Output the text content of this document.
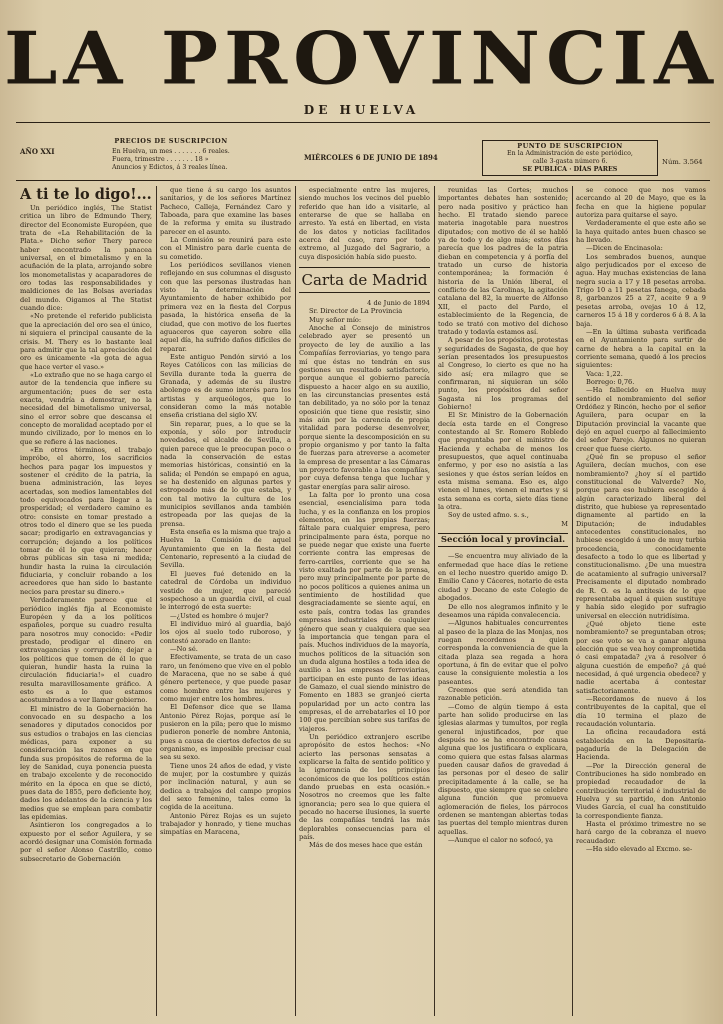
LA PROVINCIA
DE HUELVA
PRECIOS DE SUSCRIPCION
AÑO XXI	En Huelva, un mes . . . . . . . 6 reales.
Fuera, trimestre . . . . . . . 18 »
Anuncios y Edictos, á 3 reales línea.
MIÉRCOLES 6 DE JUNIO DE 1894
PUNTO DE SUSCRIPCION
En la Administración de este periódico,
calle 3-gasta número 6.
SE PUBLICA · DÍAS PARES
Núm. 3.564

A ti te lo digo!...

Un periódico inglés, The Statist critica un libro de Edmundo Thery, director del Economiste Européen, que trata de «La Rehabilitación de la Plata.» Dicho señor Thery parece haber encontrado la panacea universal, en el bimetalismo y en la acuñación de la plata, arrojando sobre los monometalistas y acaparadores de oro todas las responsabilidades y maldiciones de las Bolsas averiadas del mundo. Oigamos al The Statist cuando dice:

«No pretende el referido publicista que la apreciación del oro sea el único, ni siquiera el principal causante de la crisis. M. Thery es lo bastante leal para admitir que la tal apreciación del oro es únicamente «la gota de agua que hace verter el vaso.»

«Lo extraño que no se haga cargo el autor de la tendencia que infiere su argumentación; pues de ser esta exacta, vendría a demostrar, no la necesidad del bimetalismo universal, sino el error sobre que descansa el concepto de moralidad aceptado por el mundo civilizado, por lo menos en lo que se refiere á las naciones.

«En otros términos, el trabajo impróbo, el ahorro, los sacrificios hechos para pagar los impuestos y sostener el crédito de la patria, la buena administración, las leyes acertadas, son medios lamentables del todo equivocados para llegar a la prosperidad; el verdadero camino es otro: consiste en tomar prestado a otros todo el dinero que se les pueda sacar; prodigarlo en extravagancias y corrupción; dejando a los políticos tomar de él lo que quieran; hacer obras públicas sin tasa ni medida; hundir hasta la ruina la circulación fiduciaria, y concluir robando a los acreedores que han sido lo bastante necios para prestar su dinero.»

Verdaderamente parece que el periódico inglés fija al Economiste Européen y da a los políticos españoles, porque su cuadro resulta para nosotros muy conocido: «Pedir prestado, prodigar el dinero en extravagancias y corrupción; dejar a los políticos que tomen de él lo que quieran, hundir hasta la ruina la circulación fiduciaria!» el cuadro resulta maravillosamente gráfico. A esto es a lo que estamos acostumbrados a ver llamar gobierno.

El ministro de la Gobernación ha convocado en su despacho a los senadores y diputados conocidos por sus estudios o trabajos en las ciencias médicas, para exponer a su consideración las razones en que funda sus propósitos de reforma de la ley de Sanidad, cuya ponencia puesta en trabajo excelente y de reconocido mérito en la época en que se dictó, pues data de 1855, pero deficiente hoy, dados los adelantos de la ciencia y los medios que se emplean para combatir las epidemias.

Asintieron los congregados a lo expuesto por el señor Aguilera, y se acordó designar una Comisión formada por el señor Alonso Castrillo, como subsecretario de Gobernación

que tiene á su cargo los asuntos sanitarios, y de los señores Martínez Pacheco, Calleja, Fernández Caro y Taboada, para que examine las bases de la reforma y emita su ilustrado parecer en el asunto.

La Comisión se reunirá para este con el Ministro para darle cuenta de su cometido.

Los periódicos sevillanos vienen reflejando en sus columnas el disgusto con que las personas ilustradas han visto la determinación del Ayuntamiento de haber exhibido por primera vez en la fiesta del Corpus pasada, la histórica enseña de la ciudad, que con motivo de los fuertes aguaceros que cayeron sobre ella aquel día, ha sufrido daños difíciles de reparar.

Este antiguo Pendón sirvió a los Reyes Católicos con las milicias de Sevilla durante toda la guerra de Granada, y además de su ilustre abolengo es de sumo interés para los artistas y arqueólogos, que lo consideran como la más notable enseña cristiana del siglo XV.

Sin reparar, pues, a lo que se la exponía, y sólo por introducir novedades, el alcalde de Sevilla, a quien parece que le preocupan poco o nada la conservación de estas memorias históricas, consintió en la salida; el Pendón se empapó en agua, se ha destenido en algunas partes y estropeado más de lo que estaba, y con tal motivo la cultura de los municipios sevillanos anda también estropeada por las quejas de la prensa.

Esta enseña es la misma que trajo a Huelva la Comisión de aquel Ayuntamiento que en la fiesta del Centenario, representó a la ciudad de Sevilla.

El jueves fué detenido en la catedral de Córdoba un individuo vestido de mujer, que pareció sospechoso a un guardia civil, el cual le interrogó de esta suerte:

—¿Usted es hombre ó mujer?

El individuo miró al guardia, bajó los ojos al suelo todo ruboroso, y contestó azorado en llanto:

—No sé.

Efectivamente, se trata de un caso raro, un fenómeno que vive en el poblo de Maracena, que no se sabe á qué género pertenece, y que puede pasar como hombre entre las mujeres y como mujer entre los hombres.

El Defensor dice que se llama Antonio Pérez Rojas, porque así le pusieron en la pila; pero que lo mismo pudieron ponerle de nombre Antonia, pues a causa de ciertos defectos de su organismo, es imposible precisar cual sea su sexo.

Tiene unos 24 años de edad, y viste de mujer, por la costumbre y quizás por inclinación natural, y aun se dedica a trabajos del campo propios del sexo femenino, tales como la cogida de la aceituna.

Antonio Pérez Rojas es un sujeto trabajador y honrado, y tiene muchas simpatías en Maracena,

especialmente entre las mujeres, siendo muchos los vecinos del pueblo referido que han ido a visitarle, al enterarse de que se hallaba en arresto. Ya está en libertad, en vista de los datos y noticias facilitados acerca del caso, raro por todo extremo, al Juzgado del Sagrario, a cuya disposición había sido puesto.

Carta de Madrid

4 de Junio de 1894

Sr. Director de La Provincia

Muy señor mío:

Anoche al Consejo de ministros celebrado ayer se presentó un proyecto de ley de auxilio a las Compañías ferroviarias, yo tengo para mí que éstas no tendrán en sus gestiones un resultado satisfactorio, porque aunque el gobierno parecía dispuesto a hacer algo en su auxilio, en las circunstancias presentes está tan debilitado, ya no sólo por la tenaz oposición que tiene que resistir, sino más aún por la carencia de propia vitalidad para poderse desenvolver, porque siente la descomposición en su propio organismo y por tanto la falta de fuerzas para atreverse a acometer la empresa de presentar a las Cámaras un proyecto favorable a las compañías, por cuya defensa tenga que luchar y gastar energías para salir airoso.

La falta por lo pronto una cosa esencial, esencialísima para toda lucha, y es la confianza en los propios elementos, en las propias fuerzas; fáltale para cualquier empresa, pero principalmente para ésta, porque no se puede negar que existe una fuerte corriente contra las empresas de ferro-carriles, corriente que se ha visto exaltada por parte de la prensa, pero muy principalmente por parte de no pocos políticos a quienes anima un sentimiento de hostilidad que desgraciadamente se siente aquí, en este país, contra todas las grandes empresas industriales de cualquier género que sean y cualquiera que sea la importancia que tengan para el país. Muchos individuos de la mayoría, muchos políticos de la situación son un duda alguna hostiles a toda idea de auxilio a las empresas ferroviarias, participan en este punto de las ideas de Gamazo, el cual siendo ministro de Fomento en 1883 se granjeó cierta popularidad por un acto contra las empresas, el de arrebatarles el 10 por 100 que percibían sobre sus tarifas de viajeros.

Un periódico extranjero escribe apropósito de estos hechos: «No acierto las personas sensatas a explicarse la falta de sentido político y la ignorancia de los principios económicos de que los políticos están dando pruebas en esta ocasión.» Nosotros no creemos que les falte ignorancia; pero sea lo que quiera el pecado no hacerse ilusiones, la suerte de las compañías tendrá las más deplorables consecuencias para el país.

Más de dos meses hace que están

reunidas las Cortes; muchos importantes debates han sostenido; pero nada positivo y práctico han hecho. El tratado siendo parece materia inagotable para nuestros diputados; con motivo de él se habló ya de todo y de algo más; estos días parecía que los padres de la patria dieban en competencia y á porfía del tratado un curso de historia contemporánea; la formación é historia de la Unión liberal, el conflicto de las Carolinas, la agitación catalana del 82, la muerte de Alfonso XII, el pacto del Pardo, el establecimiento de la Regencia, de todo se trató con motivo del dichoso tratado y todavía estamos así.

A pesar de los propósitos, protestas y seguridades de Sagasta, de que hoy serían presentados los presupuestos al Congreso, lo cierto es que no ha sido así; era milagro que se confirmaran, ni siquieran un sólo punto, los propósitos del señor Sagasta ni los programas del Gobierno!

El Sr. Ministro de la Gobernación decía esta tarde en el Congreso contestando al Sr. Romero Robledo que preguntaba por el ministro de Hacienda y echaba de menos los presupuestos, que aquel continuaba enfermo, y por eso no asistía a las sesiones y que éstos serían leídos en esta misma semana. Eso es, algo vienen el lunes, vienen el martes y si esta semana es corta, siete días tiene la otra.

Soy de usted afmo. s. s.,

M

Sección local y provincial.

—Se encuentra muy aliviado de la enfermedad que hace días le retiene en el lecho nuestro querido amigo D. Emilio Cano y Cáceres, notario de esta ciudad y Decano de este Colegio de abogados.

De ello nos alegramos infinito y le deseamos una rápida convalecencia.

—Algunos habituales concurrentes al paseo de la plaza de las Monjas, nos ruegan recordemos a quien corresponda la conveniencia de que la citada plaza sea regada a hora oportuna, á fin de evitar que el polvo cause la consiguiente molestia a los paseantes.

Creemos que será atendida tan razonable petición.

—Como de algún tiempo á esta parte han solido producirse en las iglesias alarmas y tumultos, por regla general injustificados, por que después no se ha encontrado causa alguna que los justificara o explicara, como quiera que estas falsas alarmas pueden causar daños de gravedad á las personas por el deseo de salir precipitadamente á la calle, se ha dispuesto, que siempre que se celebre alguna función que promueva aglomeración de fieles, los párrocos ordenen se mantengan abiertas todas las puertas del templo mientras duren aquellas.

—Aunque el calor no sofocó, ya

se conoce que nos vamos acercando al 20 de Mayo, que es la fecha en que la higiene popular autoriza para quitarse el sayo.

Verdaderamente el que este año se la haya quitado antes buen chasco se ha llevado.

—Dicen de Encinasola:

Los sembrados buenos, aunque algo perjudicados por el exceso de agua. Hay muchas existencias de lana negra sucia a 17 y 18 pesetas arroba. Trigo 10 a 11 pesetas fanega, cebada 8, garbanzos 25 a 27, aceite 9 a 9 pesetas arroba, ovejas 10 á 12, carneros 15 á 18 y corderos 6 á 8. A la baja.

—En la última subasta verificada en el Ayuntamiento para surtir de carne de hebra a la capital en la corriente semana, quedó á los precios siguientes:

Vaca: 1,22.

Borrego: 0,76.

—Ha fallecido en Huelva muy sentido el nombramiento del señor Ordóñez y Rincón, hecho por el señor Aguilera, para ocupar en la Diputación provincial la vacante que dejó en aquel cuerpo al fallecimiento del señor Parejo. Algunos no quieran creer que fuese cierto.

¿Qué fin se propuso el señor Aguilera, decían muchos, con ese nombramiento? ¿hoy sí el partido constitucional de Valverde? No, porque para eso hubiera escogido á algún caracterizado liberal del distrito, que hubiese ya representado dignamente al partido en la Diputación; de indudables antecedentes constitucionales, no hubiese escogido á uno de muy turbia procedencia, conocidamente desafecto a todo lo que es libertad y constitucionalismo. ¿De una muestra de acatamiento al sufragio universal? Precisamente el diputado nombrado de R. O. es la antítesis de lo que representaba aquel á quien sustituye y había sido elegido por sufragio universal en elección nutridísima.

¿Qué objeto tiene este nombramiento? se preguntaban otros; por ese voto se va a ganar alguna elección que se vea hoy comprometida ó casi empatada? ¿va á resolver ó alguna cuestión de empeño? ¿á qué necesidad, á qué urgencia obedece? y nadie acertaba á contestar satisfactoriamente.

—Recordamos de nuevo á los contribuyentes de la capital, que el día 10 termina el plazo de recaudación voluntaria.

La oficina recaudadora está establecida en la Depositaría-pagaduría de la Delegación de Hacienda.

—Por la Dirección general de Contribuciones ha sido nombrado en propiedad recaudador de la contribución territorial é industrial de Huelva y su partido, don Antonio Viudes García, el cual ha constituido la correspondiente fianza.

Hasta el próximo trimestre no se hará cargo de la cobranza el nuevo recaudador.

—Ha sido elevado al Excmo. se-
